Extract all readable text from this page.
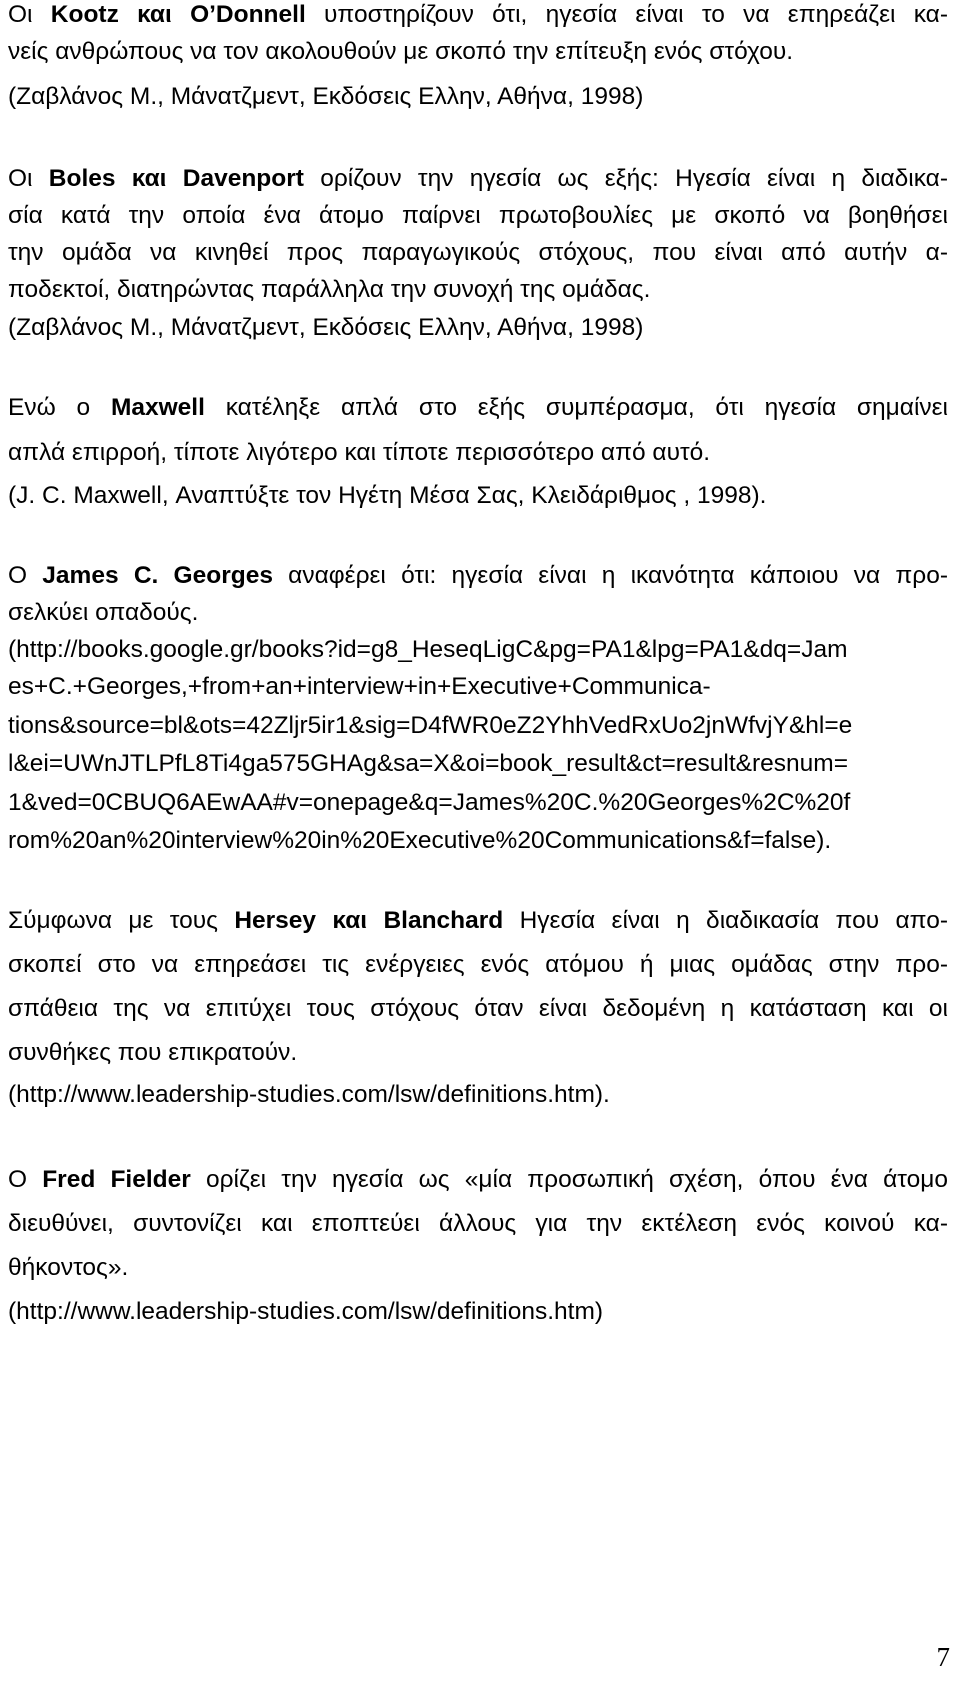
Οι Kootz και O’Donnell υποστηρίζουν ότι, ηγεσία είναι το να επηρεάζει κα-
νείς ανθρώπους να τον ακολουθούν με σκοπό την επίτευξη ενός στόχου.
(Ζαβλάνος Μ., Μάνατζμεντ, Εκδόσεις Ελλην, Αθήνα, 1998)
Οι Boles και Davenport ορίζουν την ηγεσία ως εξής: Ηγεσία είναι η διαδικα-
σία κατά την οποία ένα άτομο παίρνει πρωτοβουλίες με σκοπό να βοηθήσει
την ομάδα να κινηθεί προς παραγωγικούς στόχους, που είναι από αυτήν α-
ποδεκτοί, διατηρώντας παράλληλα την συνοχή της ομάδας.
(Ζαβλάνος Μ., Μάνατζμεντ, Εκδόσεις Ελλην, Αθήνα, 1998)
Ενώ ο Maxwell κατέληξε απλά στο εξής συμπέρασμα, ότι ηγεσία σημαίνει
απλά επιρροή, τίποτε λιγότερο και τίποτε περισσότερο από αυτό.
(J. C. Maxwell, Αναπτύξτε τον Ηγέτη Μέσα Σας, Κλειδάριθμος , 1998).
Ο James C. Georges αναφέρει ότι: ηγεσία είναι η ικανότητα κάποιου να προ-
σελκύει οπαδούς.
(http://books.google.gr/books?id=g8_HeseqLigC&pg=PA1&lpg=PA1&dq=Jam
es+C.+Georges,+from+an+interview+in+Executive+Communica-
tions&source=bl&ots=42Zljr5ir1&sig=D4fWR0eZ2YhhVedRxUo2jnWfvjY&hl=e
l&ei=UWnJTLPfL8Ti4ga575GHAg&sa=X&oi=book_result&ct=result&resnum=
1&ved=0CBUQ6AEwAA#v=onepage&q=James%20C.%20Georges%2C%20f
rom%20an%20interview%20in%20Executive%20Communications&f=false).
Σύμφωνα με τους Hersey και Blanchard Ηγεσία είναι η διαδικασία που απο-
σκοπεί στο να επηρεάσει τις ενέργειες ενός ατόμου ή μιας ομάδας στην προ-
σπάθεια της να επιτύχει τους στόχους όταν είναι δεδομένη η κατάσταση και οι
συνθήκες που επικρατούν.
(http://www.leadership-studies.com/lsw/definitions.htm).
Ο Fred Fielder ορίζει την ηγεσία ως «μία προσωπική σχέση, όπου ένα άτομο
διευθύνει, συντονίζει και εποπτεύει άλλους για την εκτέλεση ενός κοινού κα-
θήκοντος».
(http://www.leadership-studies.com/lsw/definitions.htm)
7
